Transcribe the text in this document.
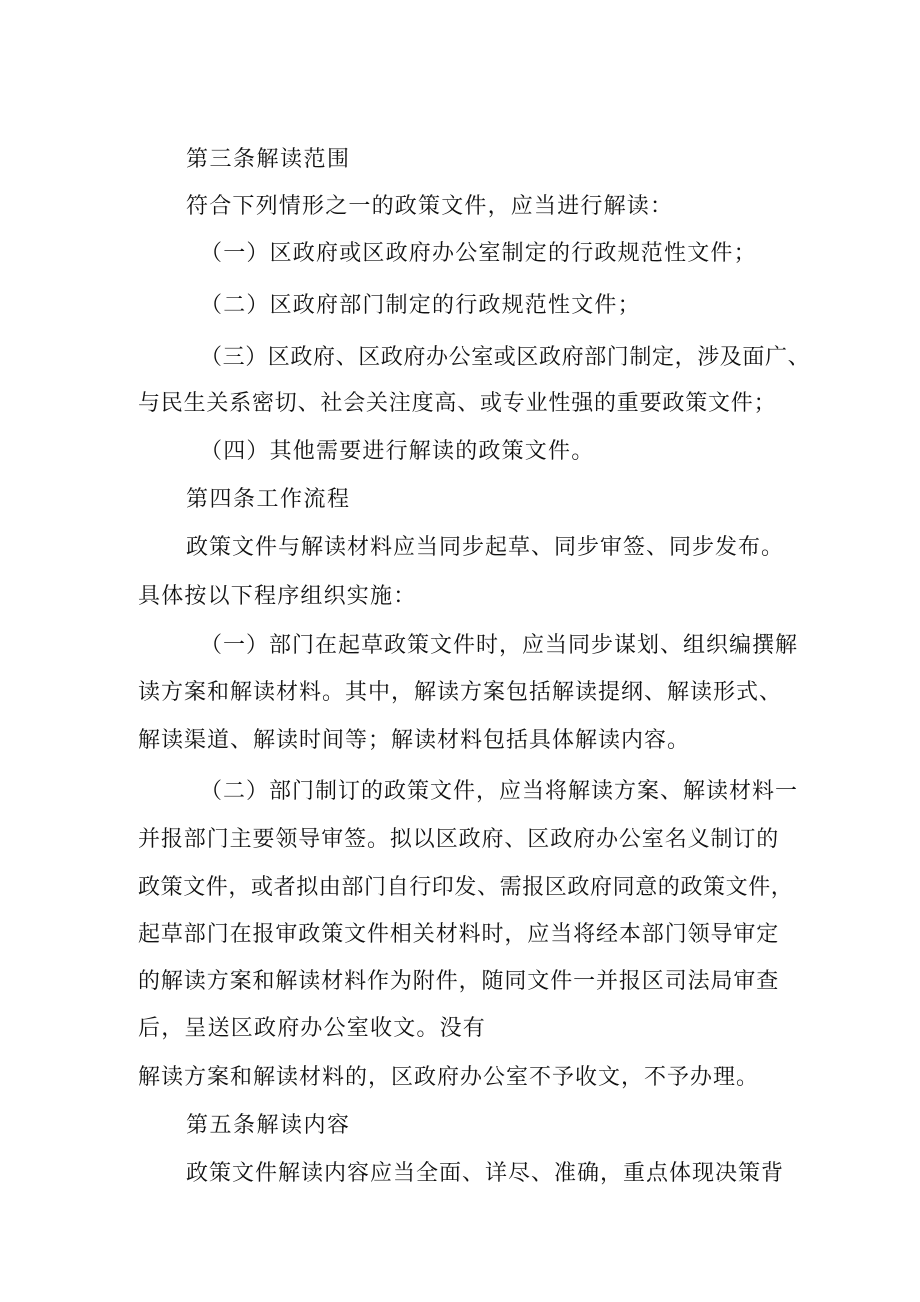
第三条解读范围

符合下列情形之一的政策文件，应当进行解读：

（一）区政府或区政府办公室制定的行政规范性文件；

（二）区政府部门制定的行政规范性文件；

（三）区政府、区政府办公室或区政府部门制定，涉及面广、

与民生关系密切、社会关注度高、或专业性强的重要政策文件；

（四）其他需要进行解读的政策文件。

第四条工作流程

政策文件与解读材料应当同步起草、同步审签、同步发布。

具体按以下程序组织实施：

（一）部门在起草政策文件时，应当同步谋划、组织编撰解

读方案和解读材料。其中，解读方案包括解读提纲、解读形式、

解读渠道、解读时间等；解读材料包括具体解读内容。

（二）部门制订的政策文件，应当将解读方案、解读材料一

并报部门主要领导审签。拟以区政府、区政府办公室名义制订的

政策文件，或者拟由部门自行印发、需报区政府同意的政策文件，

起草部门在报审政策文件相关材料时，应当将经本部门领导审定

的解读方案和解读材料作为附件，随同文件一并报区司法局审查

后，呈送区政府办公室收文。没有

解读方案和解读材料的，区政府办公室不予收文，不予办理。

第五条解读内容

政策文件解读内容应当全面、详尽、准确，重点体现决策背
